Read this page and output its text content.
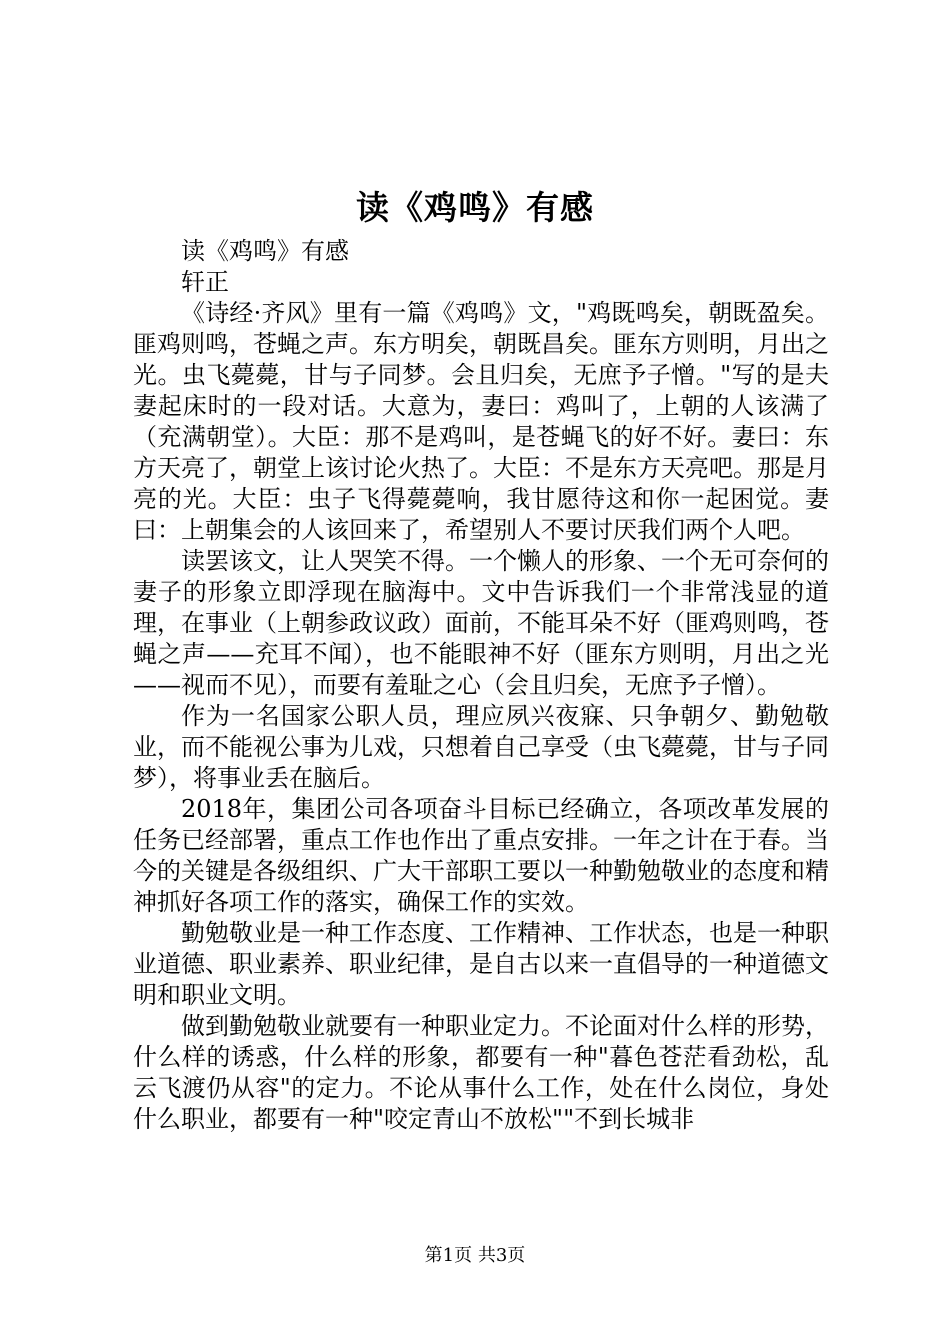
读《鸡鸣》有感

读《鸡鸣》有感

轩正

《诗经·齐风》里有一篇《鸡鸣》文，"鸡既鸣矣，朝既盈矣。匪鸡则鸣，苍蝇之声。东方明矣，朝既昌矣。匪东方则明，月出之光。虫飞薨薨，甘与子同梦。会且归矣，无庶予子憎。"写的是夫妻起床时的一段对话。大意为，妻曰：鸡叫了，上朝的人该满了（充满朝堂）。大臣：那不是鸡叫，是苍蝇飞的好不好。妻曰：东方天亮了，朝堂上该讨论火热了。大臣：不是东方天亮吧。那是月亮的光。大臣：虫子飞得薨薨响，我甘愿待这和你一起困觉。妻曰：上朝集会的人该回来了，希望别人不要讨厌我们两个人吧。

读罢该文，让人哭笑不得。一个懒人的形象、一个无可奈何的妻子的形象立即浮现在脑海中。文中告诉我们一个非常浅显的道理，在事业（上朝参政议政）面前，不能耳朵不好（匪鸡则鸣，苍蝇之声——充耳不闻），也不能眼神不好（匪东方则明，月出之光——视而不见），而要有羞耻之心（会且归矣，无庶予子憎）。

作为一名国家公职人员，理应夙兴夜寐、只争朝夕、勤勉敬业，而不能视公事为儿戏，只想着自己享受（虫飞薨薨，甘与子同梦），将事业丢在脑后。

2018年，集团公司各项奋斗目标已经确立，各项改革发展的任务已经部署，重点工作也作出了重点安排。一年之计在于春。当今的关键是各级组织、广大干部职工要以一种勤勉敬业的态度和精神抓好各项工作的落实，确保工作的实效。

勤勉敬业是一种工作态度、工作精神、工作状态，也是一种职业道德、职业素养、职业纪律，是自古以来一直倡导的一种道德文明和职业文明。

做到勤勉敬业就要有一种职业定力。不论面对什么样的形势，什么样的诱惑，什么样的形象，都要有一种"暮色苍茫看劲松，乱云飞渡仍从容"的定力。不论从事什么工作，处在什么岗位，身处什么职业，都要有一种"咬定青山不放松""不到长城非

第1页 共3页
